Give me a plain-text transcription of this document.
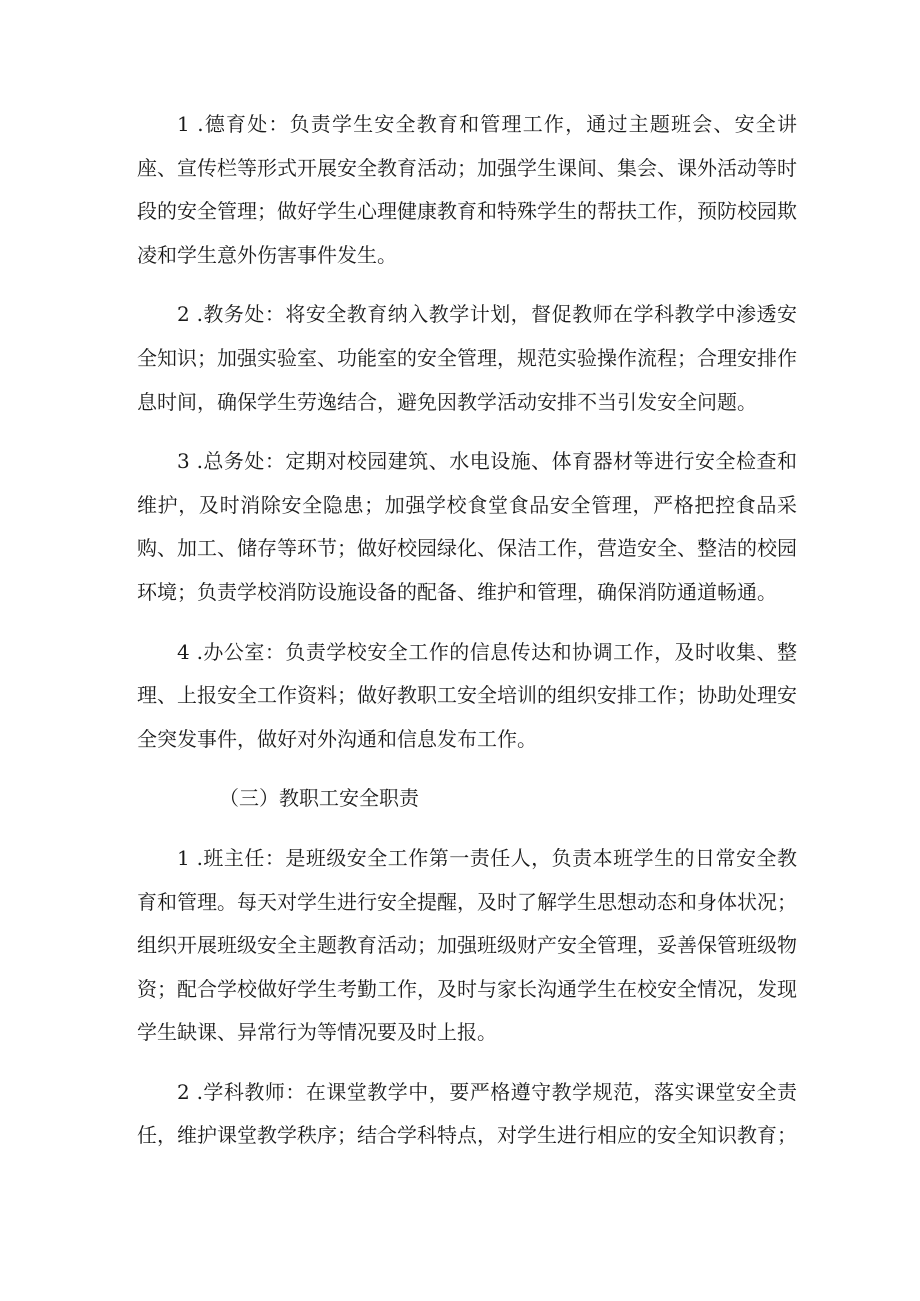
1 .德育处：负责学生安全教育和管理工作，通过主题班会、安全讲座、宣传栏等形式开展安全教育活动；加强学生课间、集会、课外活动等时段的安全管理；做好学生心理健康教育和特殊学生的帮扶工作，预防校园欺凌和学生意外伤害事件发生。

2 .教务处：将安全教育纳入教学计划，督促教师在学科教学中渗透安全知识；加强实验室、功能室的安全管理，规范实验操作流程；合理安排作息时间，确保学生劳逸结合，避免因教学活动安排不当引发安全问题。

3 .总务处：定期对校园建筑、水电设施、体育器材等进行安全检查和维护，及时消除安全隐患；加强学校食堂食品安全管理，严格把控食品采购、加工、储存等环节；做好校园绿化、保洁工作，营造安全、整洁的校园环境；负责学校消防设施设备的配备、维护和管理，确保消防通道畅通。

4 .办公室：负责学校安全工作的信息传达和协调工作，及时收集、整理、上报安全工作资料；做好教职工安全培训的组织安排工作；协助处理安全突发事件，做好对外沟通和信息发布工作。

（三）教职工安全职责

1 .班主任：是班级安全工作第一责任人，负责本班学生的日常安全教育和管理。每天对学生进行安全提醒，及时了解学生思想动态和身体状况；组织开展班级安全主题教育活动；加强班级财产安全管理，妥善保管班级物资；配合学校做好学生考勤工作，及时与家长沟通学生在校安全情况，发现学生缺课、异常行为等情况要及时上报。

2 .学科教师：在课堂教学中，要严格遵守教学规范，落实课堂安全责任，维护课堂教学秩序；结合学科特点，对学生进行相应的安全知识教育；
